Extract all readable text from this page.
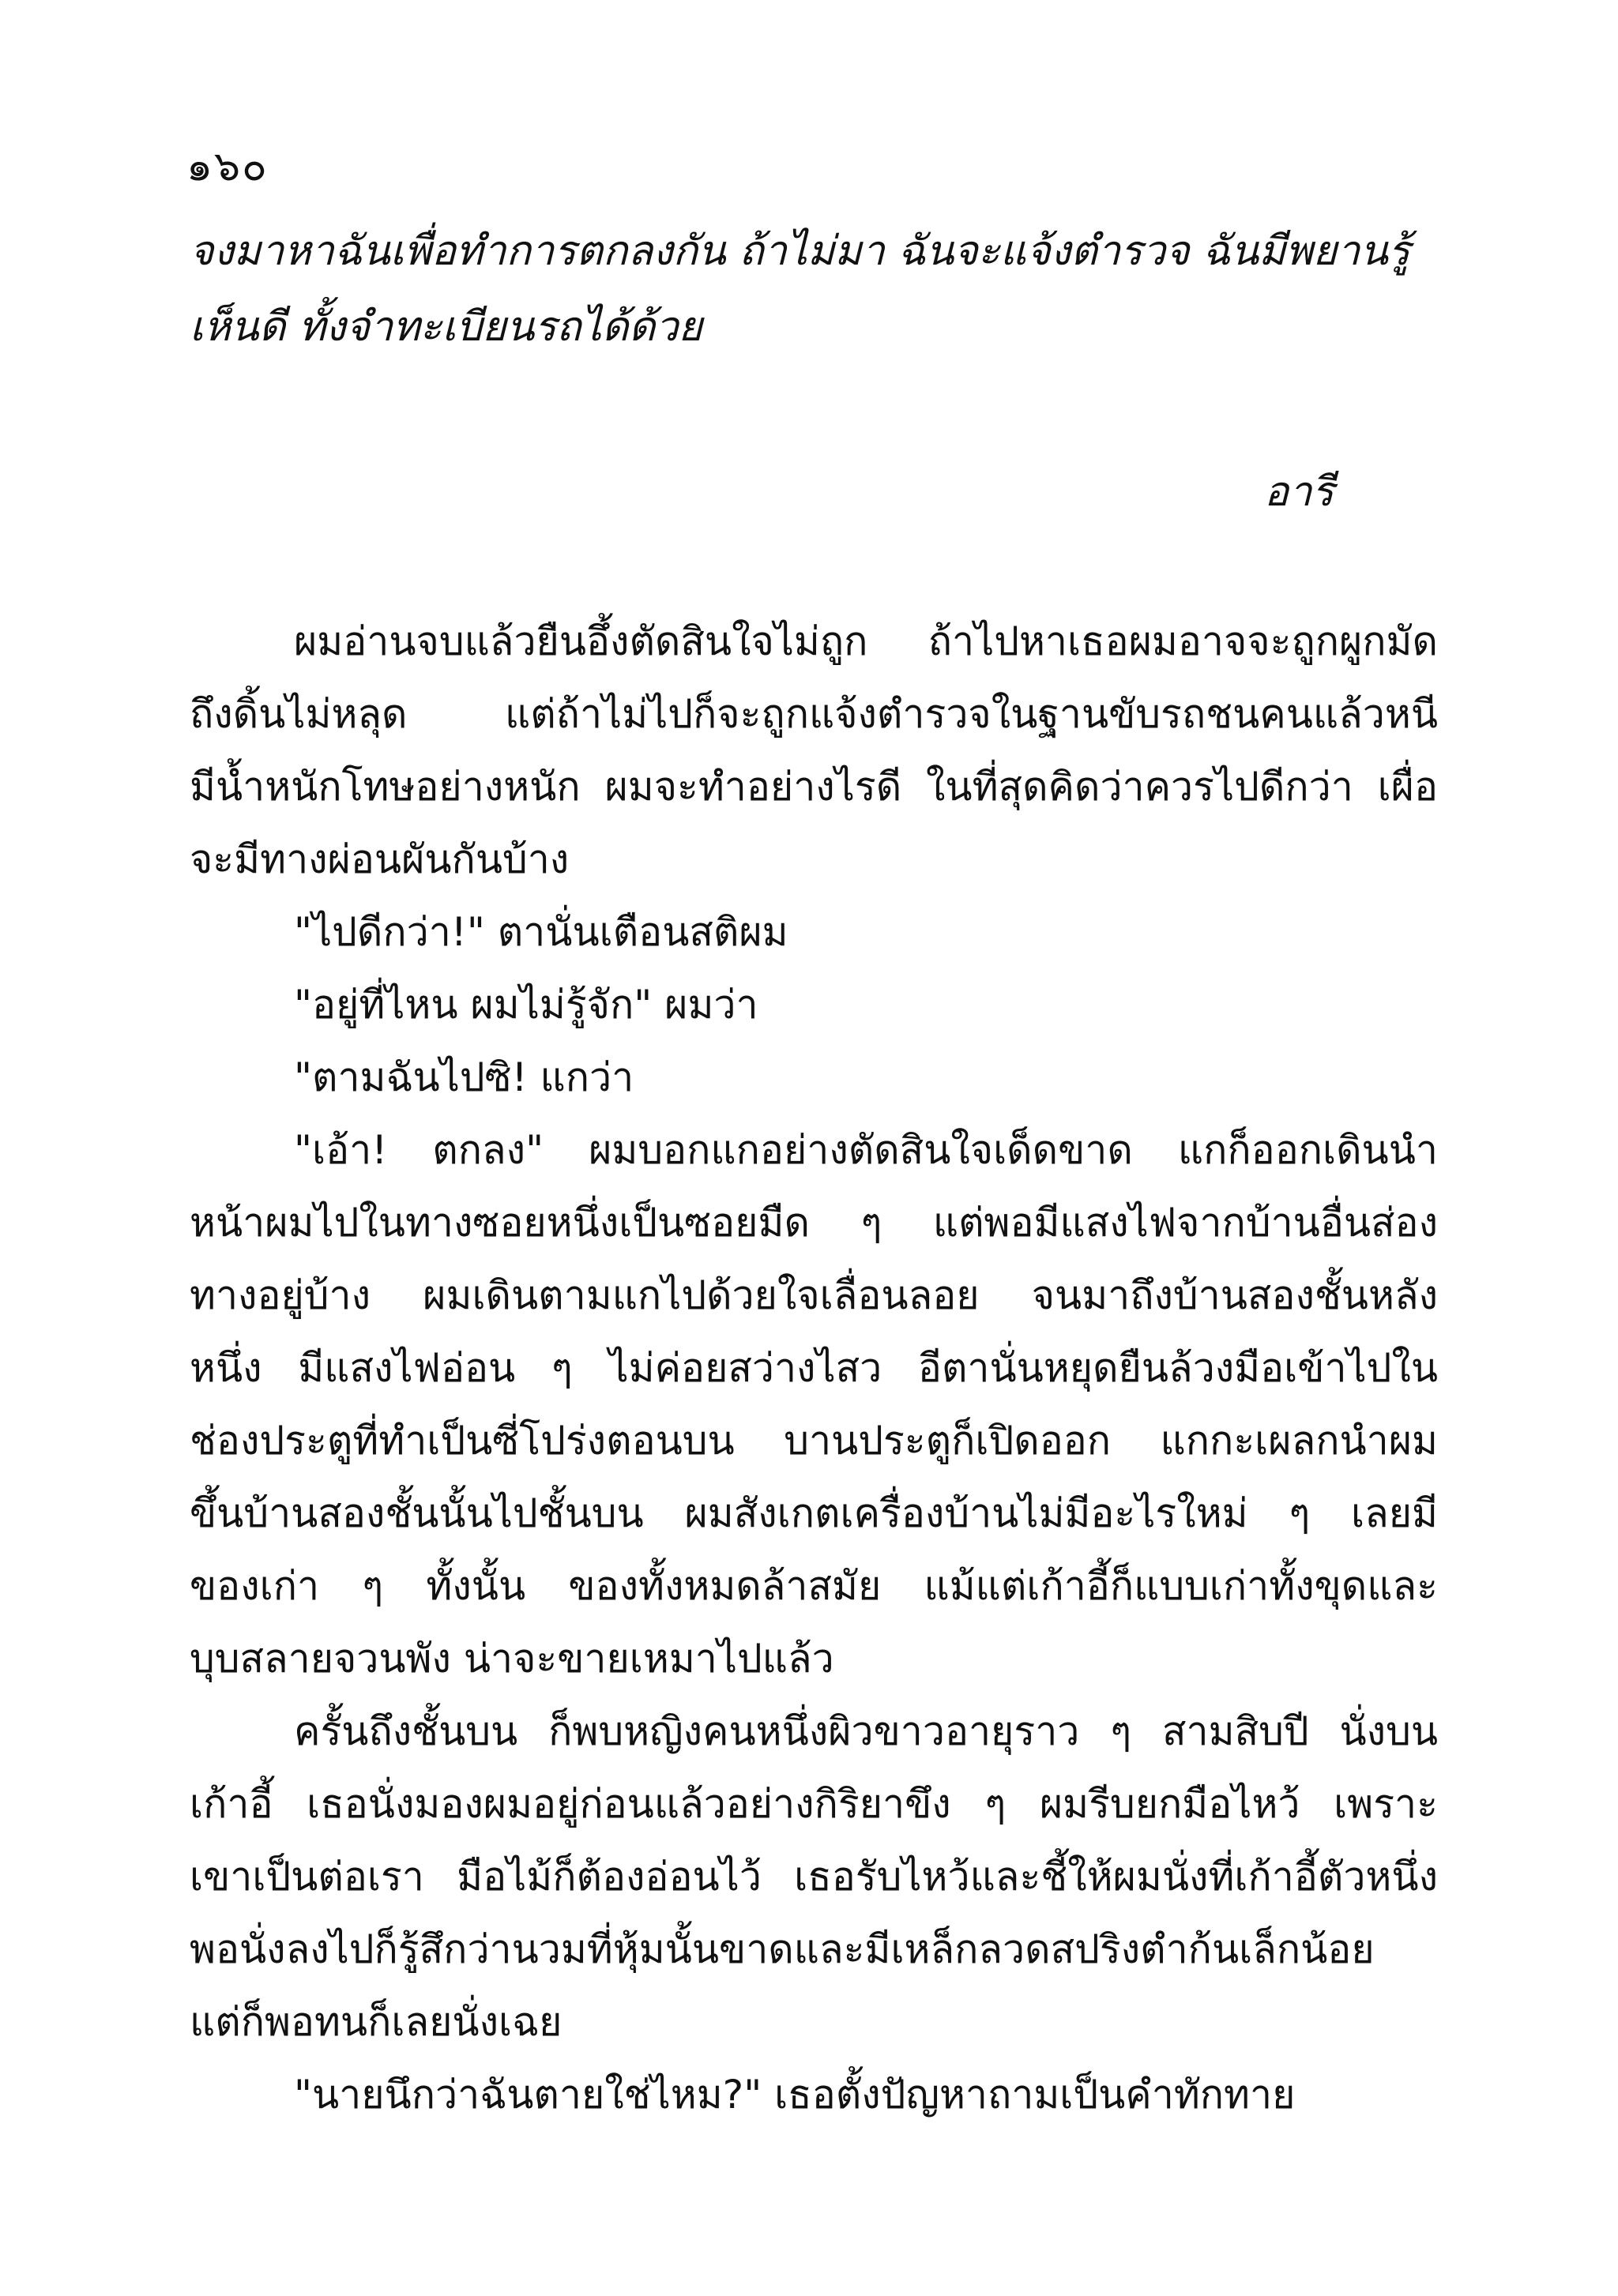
๑๖๐
จงมาหาฉันเพื่อทำการตกลงกัน ถ้าไม่มา ฉันจะแจ้งตำรวจ ฉันมีพยานรู้
เห็นดี ทั้งจำทะเบียนรถได้ด้วย
อารี
ผมอ่านจบแล้วยืนอึ้งตัดสินใจไม่ถูก ถ้าไปหาเธอผมอาจจะถูกผูกมัด
ถึงดิ้นไม่หลุด แต่ถ้าไม่ไปก็จะถูกแจ้งตำรวจในฐานขับรถชนคนแล้วหนี
มีน้ำหนักโทษอย่างหนัก ผมจะทำอย่างไรดี ในที่สุดคิดว่าควรไปดีกว่า เผื่อ
จะมีทางผ่อนผันกันบ้าง
"ไปดีกว่า!" ตานั่นเตือนสติผม
"อยู่ที่ไหน ผมไม่รู้จัก" ผมว่า
"ตามฉันไปซิ! แกว่า
"เอ้า! ตกลง" ผมบอกแกอย่างตัดสินใจเด็ดขาด แกก็ออกเดินนำ
หน้าผมไปในทางซอยหนึ่งเป็นซอยมืด ๆ แต่พอมีแสงไฟจากบ้านอื่นส่อง
ทางอยู่บ้าง ผมเดินตามแกไปด้วยใจเลื่อนลอย จนมาถึงบ้านสองชั้นหลัง
หนึ่ง มีแสงไฟอ่อน ๆ ไม่ค่อยสว่างไสว อีตานั่นหยุดยืนล้วงมือเข้าไปใน
ช่องประตูที่ทำเป็นซี่โปร่งตอนบน บานประตูก็เปิดออก แกกะเผลกนำผม
ขึ้นบ้านสองชั้นนั้นไปชั้นบน ผมสังเกตเครื่องบ้านไม่มีอะไรใหม่ ๆ เลยมี
ของเก่า ๆ ทั้งนั้น ของทั้งหมดล้าสมัย แม้แต่เก้าอี้ก็แบบเก่าทั้งขุดและ
บุบสลายจวนพัง น่าจะขายเหมาไปแล้ว
ครั้นถึงชั้นบน ก็พบหญิงคนหนึ่งผิวขาวอายุราว ๆ สามสิบปี นั่งบน
เก้าอี้ เธอนั่งมองผมอยู่ก่อนแล้วอย่างกิริยาขึง ๆ ผมรีบยกมือไหว้ เพราะ
เขาเป็นต่อเรา มือไม้ก็ต้องอ่อนไว้ เธอรับไหว้และชี้ให้ผมนั่งที่เก้าอี้ตัวหนึ่ง
พอนั่งลงไปก็รู้สึกว่านวมที่หุ้มนั้นขาดและมีเหล็กลวดสปริงตำก้นเล็กน้อย
แต่ก็พอทนก็เลยนั่งเฉย
"นายนึกว่าฉันตายใช่ไหม?" เธอตั้งปัญหาถามเป็นคำทักทาย
